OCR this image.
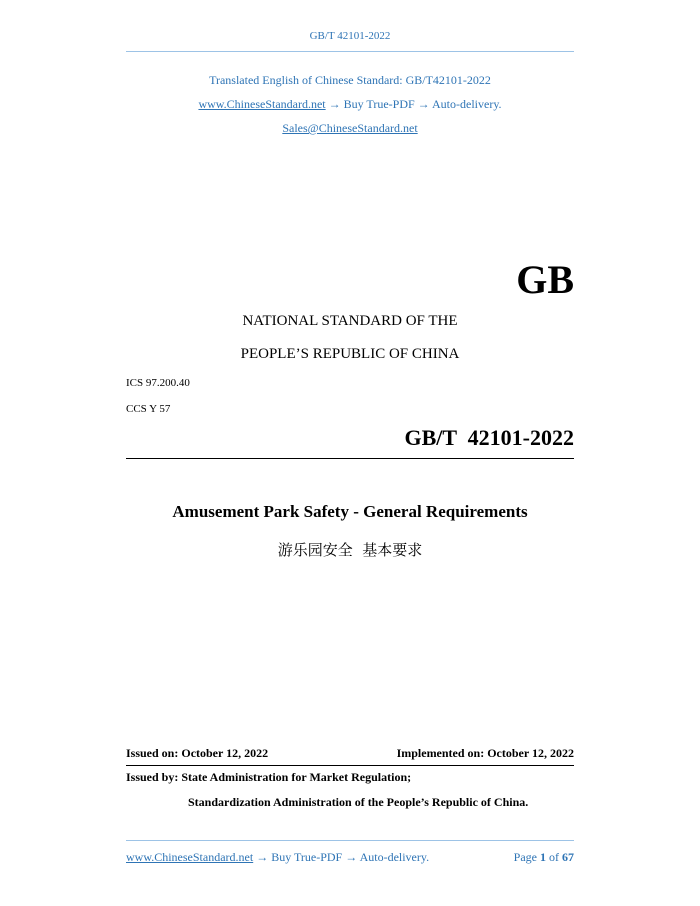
GB/T 42101-2022
Translated English of Chinese Standard: GB/T42101-2022
www.ChineseStandard.net → Buy True-PDF → Auto-delivery.
Sales@ChineseStandard.net
GB
NATIONAL STANDARD OF THE
PEOPLE’S REPUBLIC OF CHINA
ICS 97.200.40
CCS Y 57
GB/T  42101-2022
Amusement Park Safety - General Requirements
游乐园安全  基本要求
Issued on: October 12, 2022	Implemented on: October 12, 2022
Issued by: State Administration for Market Regulation;
Standardization Administration of the People’s Republic of China.
www.ChineseStandard.net → Buy True-PDF → Auto-delivery.	Page 1 of 67
